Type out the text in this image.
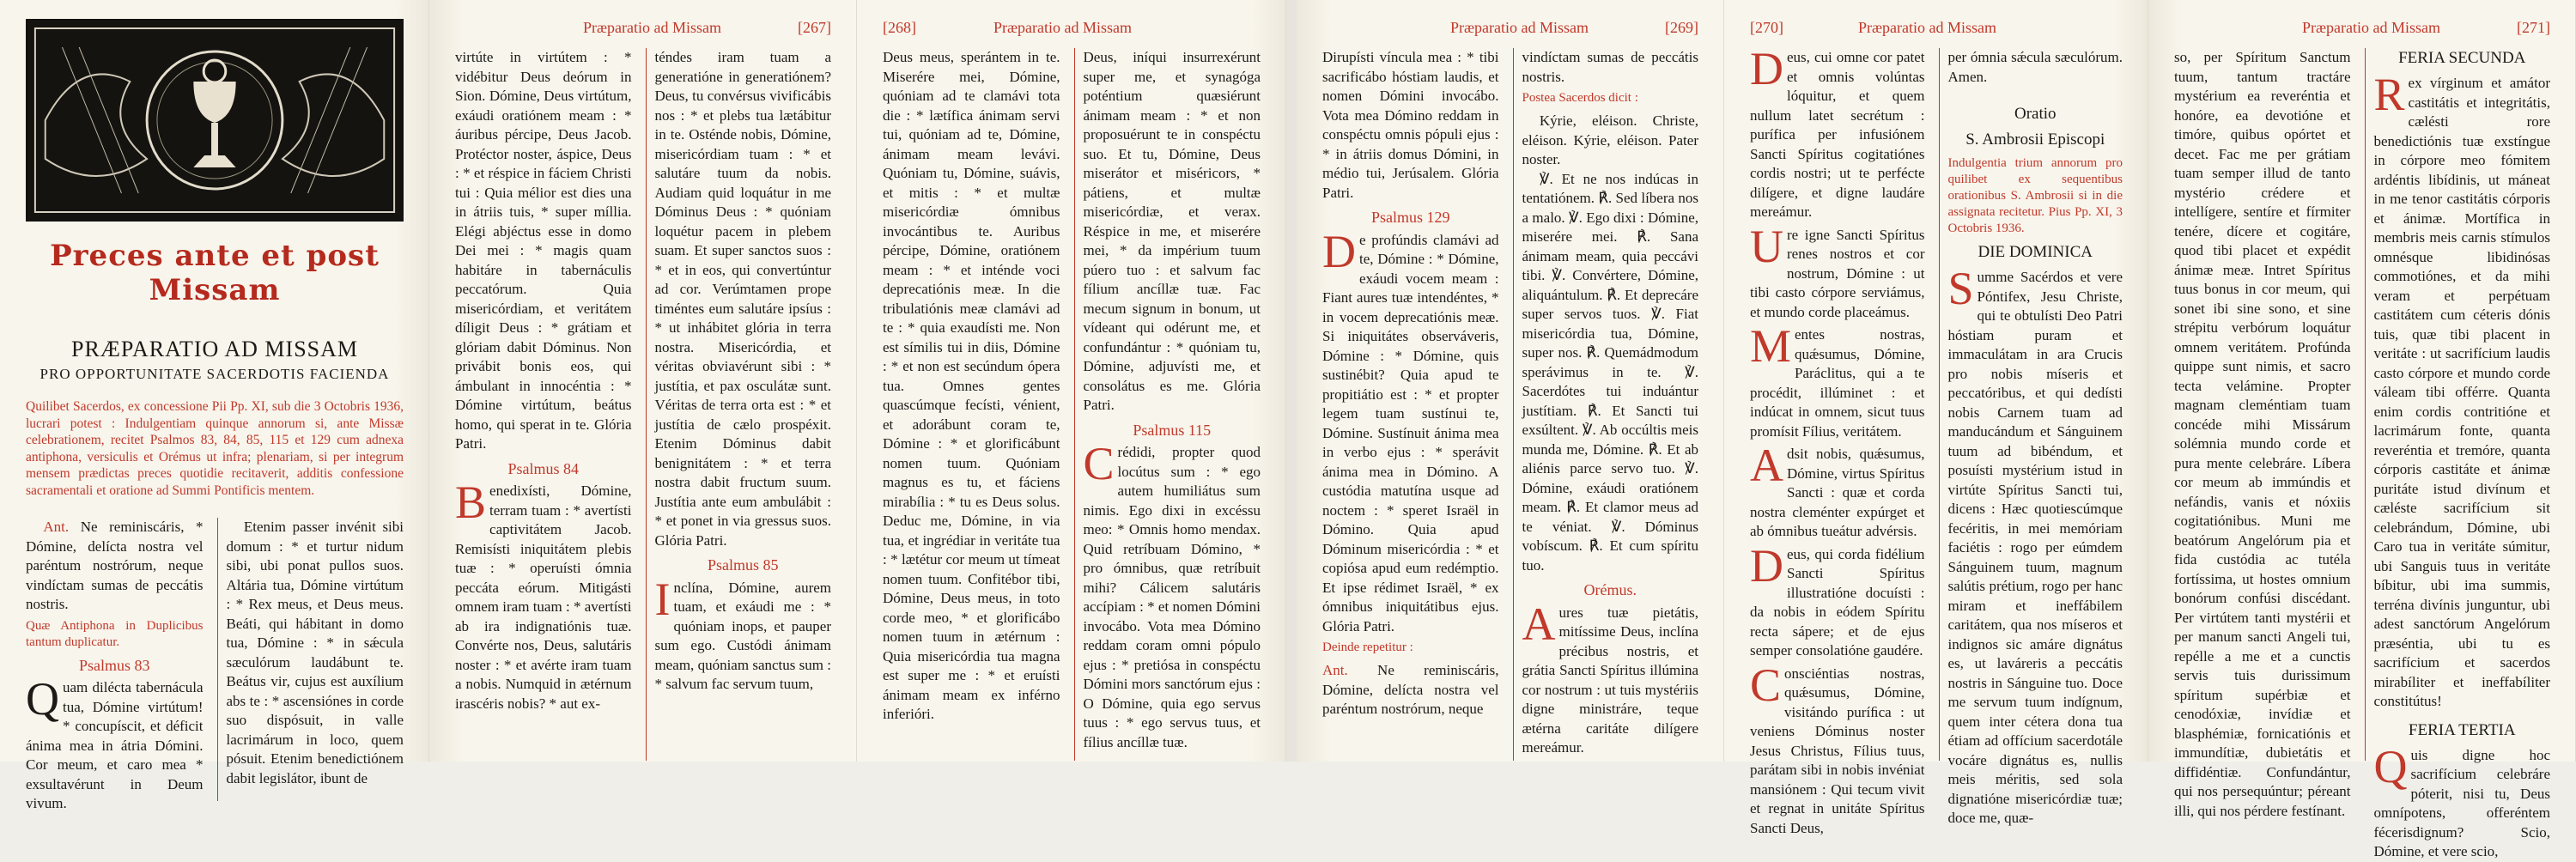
Preces ante et post Missam
PRÆPARATIO AD MISSAM
PRO OPPORTUNITATE SACERDOTIS FACIENDA
Quilibet Sacerdos, ex concessione Pii Pp. XI, sub die 3 Octobris 1936, lucrari potest : Indulgentiam quinque annorum si, ante Missæ celebrationem, recitet Psalmos 83, 84, 85, 115 et 129 cum adnexa antiphona, versiculis et Orémus ut infra; plenariam, si per integrum mensem prædictas preces quotidie recitaverit, additis confessione sacramentali et oratione ad Summi Pontificis mentem.

Ant. Ne reminiscáris, * Dómine, delícta nostra vel paréntum nostrórum, neque vindíctam sumas de peccátis nostris.

Quæ Antiphona in Duplicibus tantum duplicatur.

Psalmus 83

Quam dilécta tabernácula tua, Dómine virtútum! * concupíscit, et déficit ánima mea in átria Dómini. Cor meum, et caro mea * exsultavérunt in Deum vivum.

Etenim passer invénit sibi domum : * et turtur nidum sibi, ubi ponat pullos suos. Altária tua, Dómine virtútum : * Rex meus, et Deus meus. Beáti, qui hábitant in domo tua, Dómine : * in sǽcula sæculórum laudábunt te. Beátus vir, cujus est auxílium abs te : * ascensiónes in corde suo dispósuit, in valle lacrimárum in loco, quem pósuit. Etenim benedictiónem dabit legislátor, ibunt de

Præparatio ad Missam	[267]

virtúte in virtútem : * vidébitur Deus deórum in Sion. Dómine, Deus virtútum, exáudi oratiónem meam : * áuribus pércipe, Deus Jacob. Protéctor noster, áspice, Deus : * et réspice in fáciem Christi tui : Quia mélior est dies una in átriis tuis, * super míllia. Elégi abjéctus esse in domo Dei mei : * magis quam habitáre in tabernáculis peccatórum. Quia misericórdiam, et veritátem díligit Deus : * grátiam et glóriam dabit Dóminus. Non privábit bonis eos, qui ámbulant in innocéntia : * Dómine virtútum, beátus homo, qui sperat in te. Glória Patri.

Psalmus 84

Benedixísti, Dómine, terram tuam : * avertísti captivitátem Jacob. Remisísti iniquitátem plebis tuæ : * operuísti ómnia peccáta eórum. Mitigásti omnem iram tuam : * avertísti ab ira indignatiónis tuæ. Convérte nos, Deus, salutáris noster : * et avérte iram tuam a nobis. Numquid in ætérnum irascéris nobis? * aut ex-

téndes iram tuam a generatióne in generatiónem? Deus, tu convérsus vivificábis nos : * et plebs tua lætábitur in te. Osténde nobis, Dómine, misericórdiam tuam : * et salutáre tuum da nobis. Audiam quid loquátur in me Dóminus Deus : * quóniam loquétur pacem in plebem suam. Et super sanctos suos : * et in eos, qui convertúntur ad cor. Verúmtamen prope timéntes eum salutáre ipsíus : * ut inhábitet glória in terra nostra. Misericórdia, et véritas obviavérunt sibi : * justítia, et pax osculátæ sunt. Véritas de terra orta est : * et justítia de cælo prospéxit. Etenim Dóminus dabit benignitátem : * et terra nostra dabit fructum suum. Justítia ante eum ambulábit : * et ponet in via gressus suos. Glória Patri.

Psalmus 85

Inclína, Dómine, aurem tuam, et exáudi me : * quóniam inops, et pauper sum ego. Custódi ánimam meam, quóniam sanctus sum : * salvum fac servum tuum,

[268]	Præparatio ad Missam

Deus meus, sperántem in te. Miserére mei, Dómine, quóniam ad te clamávi tota die : * lætífica ánimam servi tui, quóniam ad te, Dómine, ánimam meam levávi. Quóniam tu, Dómine, suávis, et mitis : * et multæ misericórdiæ ómnibus invocántibus te. Auribus pércipe, Dómine, oratiónem meam : * et inténde voci deprecatiónis meæ. In die tribulatiónis meæ clamávi ad te : * quia exaudísti me. Non est símilis tui in diis, Dómine : * et non est secúndum ópera tua. Omnes gentes quascúmque fecísti, vénient, et adorábunt coram te, Dómine : * et glorificábunt nomen tuum. Quóniam magnus es tu, et fáciens mirabília : * tu es Deus solus. Deduc me, Dómine, in via tua, et ingrédiar in veritáte tua : * lætétur cor meum ut tímeat nomen tuum. Confitébor tibi, Dómine, Deus meus, in toto corde meo, * et glorificábo nomen tuum in ætérnum : Quia misericórdia tua magna est super me : * et eruísti ánimam meam ex inférno inferióri.

Deus, iníqui insurrexérunt super me, et synagóga poténtium quæsiérunt ánimam meam : * et non proposuérunt te in conspéctu suo. Et tu, Dómine, Deus miserátor et miséricors, * pátiens, et multæ misericórdiæ, et verax. Réspice in me, et miserére mei, * da impérium tuum púero tuo : et salvum fac fílium ancíllæ tuæ. Fac mecum signum in bonum, ut vídeant qui odérunt me, et confundántur : * quóniam tu, Dómine, adjuvísti me, et consolátus es me. Glória Patri.

Psalmus 115

Crédidi, propter quod locútus sum : * ego autem humiliátus sum nimis. Ego dixi in excéssu meo: * Omnis homo mendax. Quid retríbuam Dómino, * pro ómnibus, quæ retríbuit mihi? Cálicem salutáris accípiam : * et nomen Dómini invocábo. Vota mea Dómino reddam coram omni pópulo ejus : * pretiósa in conspéctu Dómini mors sanctórum ejus : O Dómine, quia ego servus tuus : * ego servus tuus, et fílius ancíllæ tuæ.

Præparatio ad Missam	[269]

Dirupísti víncula mea : * tibi sacrificábo hóstiam laudis, et nomen Dómini invocábo. Vota mea Dómino reddam in conspéctu omnis pópuli ejus : * in átriis domus Dómini, in médio tui, Jerúsalem. Glória Patri.

Psalmus 129

De profúndis clamávi ad te, Dómine : * Dómine, exáudi vocem meam : Fiant aures tuæ intendéntes, * in vocem deprecatiónis meæ. Si iniquitátes observáveris, Dómine : * Dómine, quis sustinébit? Quia apud te propitiátio est : * et propter legem tuam sustínui te, Dómine. Sustínuit ánima mea in verbo ejus : * sperávit ánima mea in Dómino. A custódia matutína usque ad noctem : * speret Israël in Dómino. Quia apud Dóminum misericórdia : * et copiósa apud eum redémptio. Et ipse rédimet Israël, * ex ómnibus iniquitátibus ejus. Glória Patri.

Deinde repetitur :

Ant. Ne reminiscáris, Dómine, delícta nostra vel paréntum nostrórum, neque

vindíctam sumas de peccátis nostris.

Postea Sacerdos dicit :

Kýrie, eléison. Christe, eléison. Kýrie, eléison. Pater noster.

℣. Et ne nos indúcas in tentatiónem. ℟. Sed líbera nos a malo. ℣. Ego dixi : Dómine, miserére mei. ℟. Sana ánimam meam, quia peccávi tibi. ℣. Convértere, Dómine, aliquántulum. ℟. Et deprecáre super servos tuos. ℣. Fiat misericórdia tua, Dómine, super nos. ℟. Quemádmodum sperávimus in te. ℣. Sacerdótes tui induántur justítiam. ℟. Et Sancti tui exsúltent. ℣. Ab occúltis meis munda me, Dómine. ℟. Et ab aliénis parce servo tuo. ℣. Dómine, exáudi oratiónem meam. ℟. Et clamor meus ad te véniat. ℣. Dóminus vobíscum. ℟. Et cum spíritu tuo.

Orémus.

Aures tuæ pietátis, mitíssime Deus, inclína précibus nostris, et grátia Sancti Spíritus illúmina cor nostrum : ut tuis mystériis digne ministráre, teque ætérna caritáte dilígere mereámur.

[270]	Præparatio ad Missam

Deus, cui omne cor patet et omnis volúntas lóquitur, et quem nullum latet secrétum : purífica per infusiónem Sancti Spíritus cogitatiónes cordis nostri; ut te perfécte dilígere, et digne laudáre mereámur.

Ure igne Sancti Spíritus renes nostros et cor nostrum, Dómine : ut tibi casto córpore serviámus, et mundo corde placeámus.

Mentes nostras, quǽsumus, Dómine, Paráclitus, qui a te procédit, illúminet : et indúcat in omnem, sicut tuus promísit Fílius, veritátem.

Adsit nobis, quǽsumus, Dómine, virtus Spíritus Sancti : quæ et corda nostra cleménter expúrget et ab ómnibus tueátur advérsis.

Deus, qui corda fidélium Sancti Spíritus illustratióne docuísti : da nobis in eódem Spíritu recta sápere; et de ejus semper consolatióne gaudére.

Consciéntias nostras, quǽsumus, Dómine, visitándo puríﬁca : ut veniens Dóminus noster Jesus Christus, Fílius tuus, parátam sibi in nobis invéniat mansiónem : Qui tecum vivit et regnat in unitáte Spíritus Sancti Deus,

per ómnia sǽcula sæculórum. Amen.

Oratio

S. Ambrosii Episcopi

Indulgentia trium annorum pro quilibet ex sequentibus orationibus S. Ambrosii si in die assignata recitetur. Pius Pp. XI, 3 Octobris 1936.

DIE DOMINICA

Summe Sacérdos et vere Póntifex, Jesu Christe, qui te obtulísti Deo Patri hóstiam puram et immaculátam in ara Crucis pro nobis míseris et peccatóribus, et qui dedísti nobis Carnem tuam ad manducándum et Sánguinem tuum ad bibéndum, et posuísti mystérium istud in virtúte Spíritus Sancti tui, dicens : Hæc quotiescúmque fecéritis, in mei memóriam faciétis : rogo per eúmdem Sánguinem tuum, magnum salútis prétium, rogo per hanc miram et ineffábilem caritátem, qua nos míseros et indignos sic amáre dignátus es, ut laváreris a peccátis nostris in Sánguine tuo. Doce me servum tuum indígnum, quem inter cétera dona tua étiam ad offícium sacerdotále vocáre dignátus es, nullis meis méritis, sed sola dignatióne misericórdiæ tuæ; doce me, quæ-

Præparatio ad Missam	[271]

so, per Spíritum Sanctum tuum, tantum tractáre mystérium ea reveréntia et honóre, ea devotióne et timóre, quibus opórtet et decet. Fac me per grátiam tuam semper illud de tanto mystério crédere et intellígere, sentíre et fírmiter tenére, dícere et cogitáre, quod tibi placet et expédit ánimæ meæ. Intret Spíritus tuus bonus in cor meum, qui sonet ibi sine sono, et sine strépitu verbórum loquátur omnem veritátem. Profúnda quippe sunt nimis, et sacro tecta velámine. Propter magnam cleméntiam tuam concéde mihi Missárum solémnia mundo corde et pura mente celebráre. Líbera cor meum ab immúndis et nefándis, vanis et nóxiis cogitatiónibus. Muni me beatórum Angelórum pia et fida custódia ac tutéla fortíssima, ut hostes omnium bonórum confúsi discédant. Per virtútem tanti mystérii et per manum sancti Angeli tui, repélle a me et a cunctis servis tuis durissimum spíritum supérbiæ et cenodóxiæ, invídiæ et blasphémiæ, fornicatiónis et immundítiæ, dubietátis et diffidéntiæ. Confundántur, qui nos persequúntur; péreant illi, qui nos pérdere festínant.

FERIA SECUNDA

Rex vírginum et amátor castitátis et integritátis, cælésti rore benedictiónis tuæ exstíngue in córpore meo fómitem ardéntis libídinis, ut máneat in me tenor castitátis córporis et ánimæ. Mortífica in membris meis carnis stímulos omnésque libidinósas commotiónes, et da mihi veram et perpétuam castitátem cum céteris dónis tuis, quæ tibi placent in veritáte : ut sacrifícium laudis casto córpore et mundo corde váleam tibi offérre. Quanta enim cordis contritióne et lacrimárum fonte, quanta reveréntia et tremóre, quanta córporis castitáte et ánimæ puritáte istud divínum et cæléste sacrifícium sit celebrándum, Dómine, ubi Caro tua in veritáte súmitur, ubi Sanguis tuus in veritáte bíbitur, ubi ima summis, terréna divínis junguntur, ubi adest sanctórum Angelórum præséntia, ubi tu es sacrifícium et sacerdos mirabíliter et ineffabíliter constitútus!

FERIA TERTIA

Quis digne hoc sacrifícium celebráre póterit, nisi tu, Deus omnípotens, offeréntem fécerisdignum? Scio, Dómine, et vere scio,
